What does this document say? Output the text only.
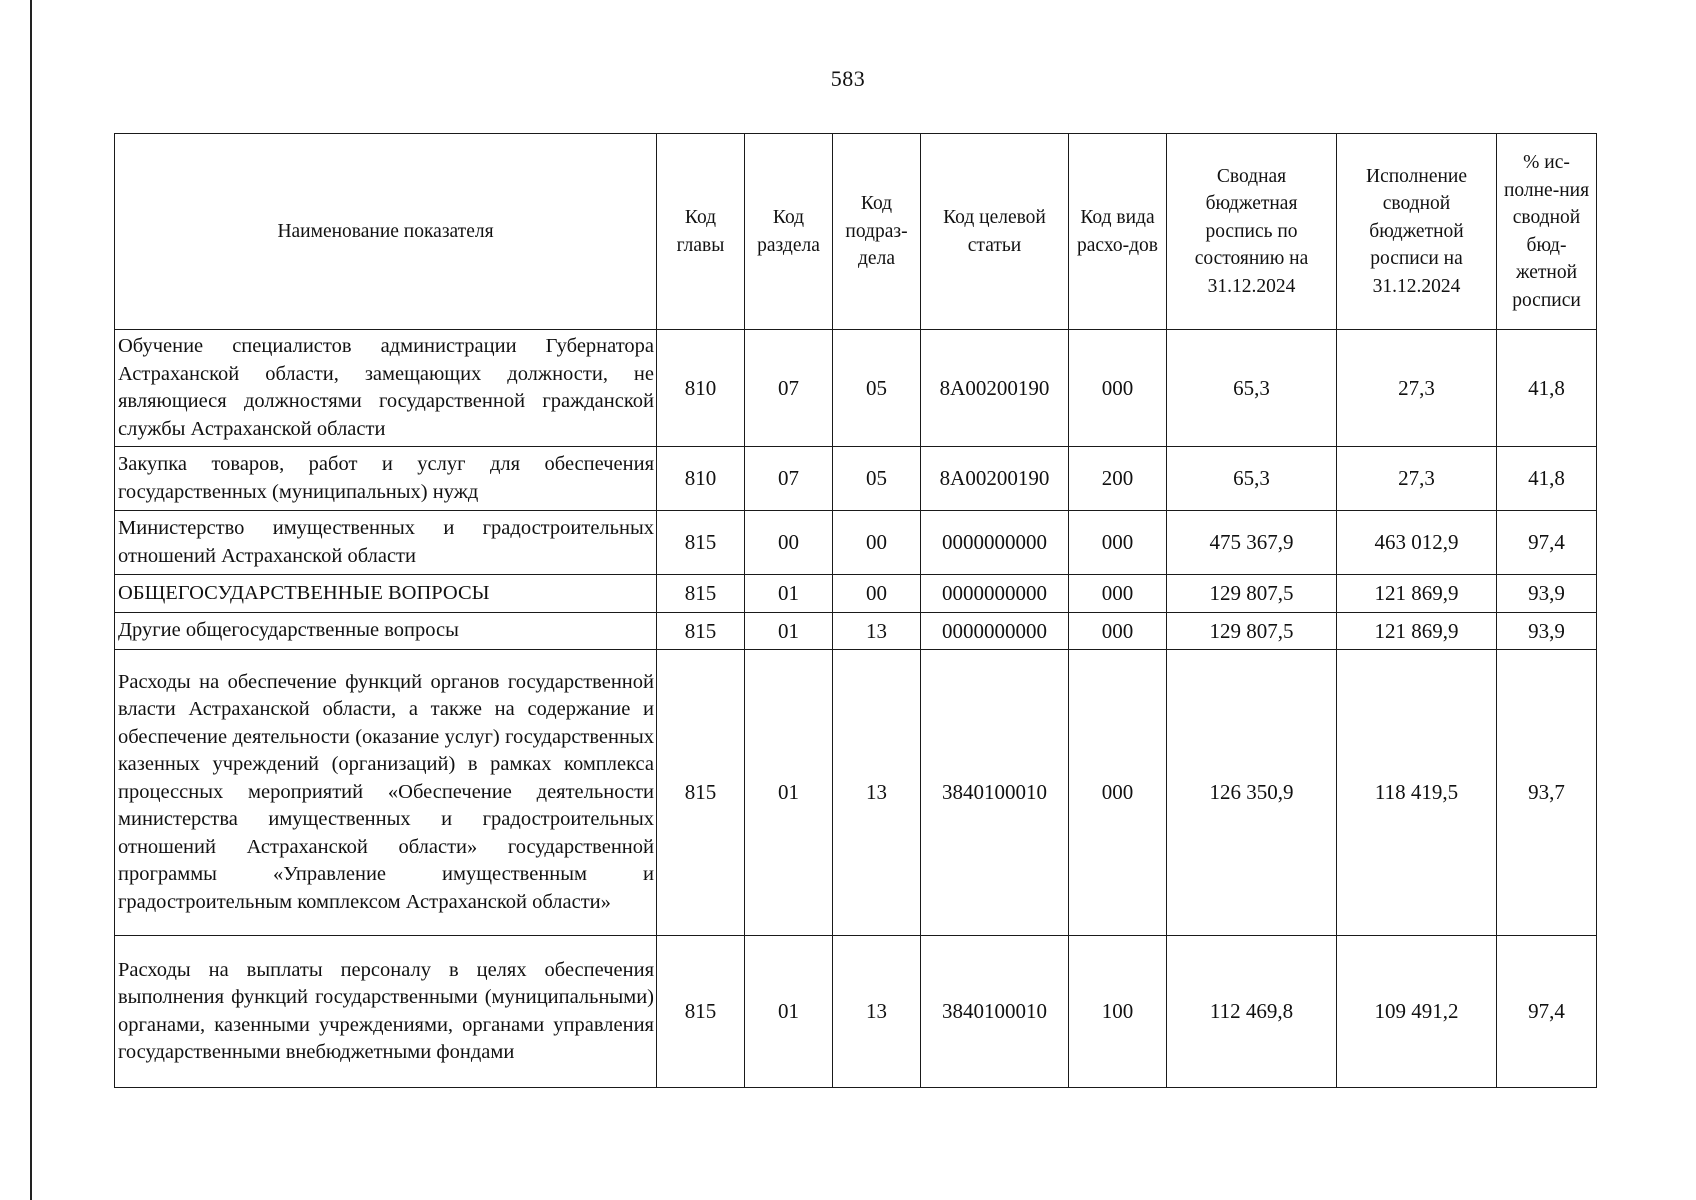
583
Наименование показателя	Код главы	Код раздела	Код подраз-дела	Код целевой статьи	Код вида расхо-дов	Сводная бюджетная роспись по состоянию на 31.12.2024	Исполнение сводной бюджетной росписи на 31.12.2024	% ис-полне-ния сводной бюд-жетной росписи
Обучение специалистов администрации Губернатора Астраханской области, замещающих должности, не являющиеся должностями государственной гражданской службы Астраханской области	810	07	05	8А00200190	000	65,3	27,3	41,8
Закупка товаров, работ и услуг для обеспечения государственных (муниципальных) нужд	810	07	05	8А00200190	200	65,3	27,3	41,8
Министерство имущественных и градостроительных отношений Астраханской области	815	00	00	0000000000	000	475 367,9	463 012,9	97,4
ОБЩЕГОСУДАРСТВЕННЫЕ ВОПРОСЫ	815	01	00	0000000000	000	129 807,5	121 869,9	93,9
Другие общегосударственные вопросы	815	01	13	0000000000	000	129 807,5	121 869,9	93,9
Расходы на обеспечение функций органов государственной власти Астраханской области, а также на содержание и обеспечение деятельности (оказание услуг) государственных казенных учреждений (организаций) в рамках комплекса процессных мероприятий «Обеспечение деятельности министерства имущественных и градостроительных отношений Астраханской области» государственной программы «Управление имущественным и градостроительным комплексом Астраханской области»	815	01	13	3840100010	000	126 350,9	118 419,5	93,7
Расходы на выплаты персоналу в целях обеспечения выполнения функций государственными (муниципальными) органами, казенными учреждениями, органами управления государственными внебюджетными фондами	815	01	13	3840100010	100	112 469,8	109 491,2	97,4
